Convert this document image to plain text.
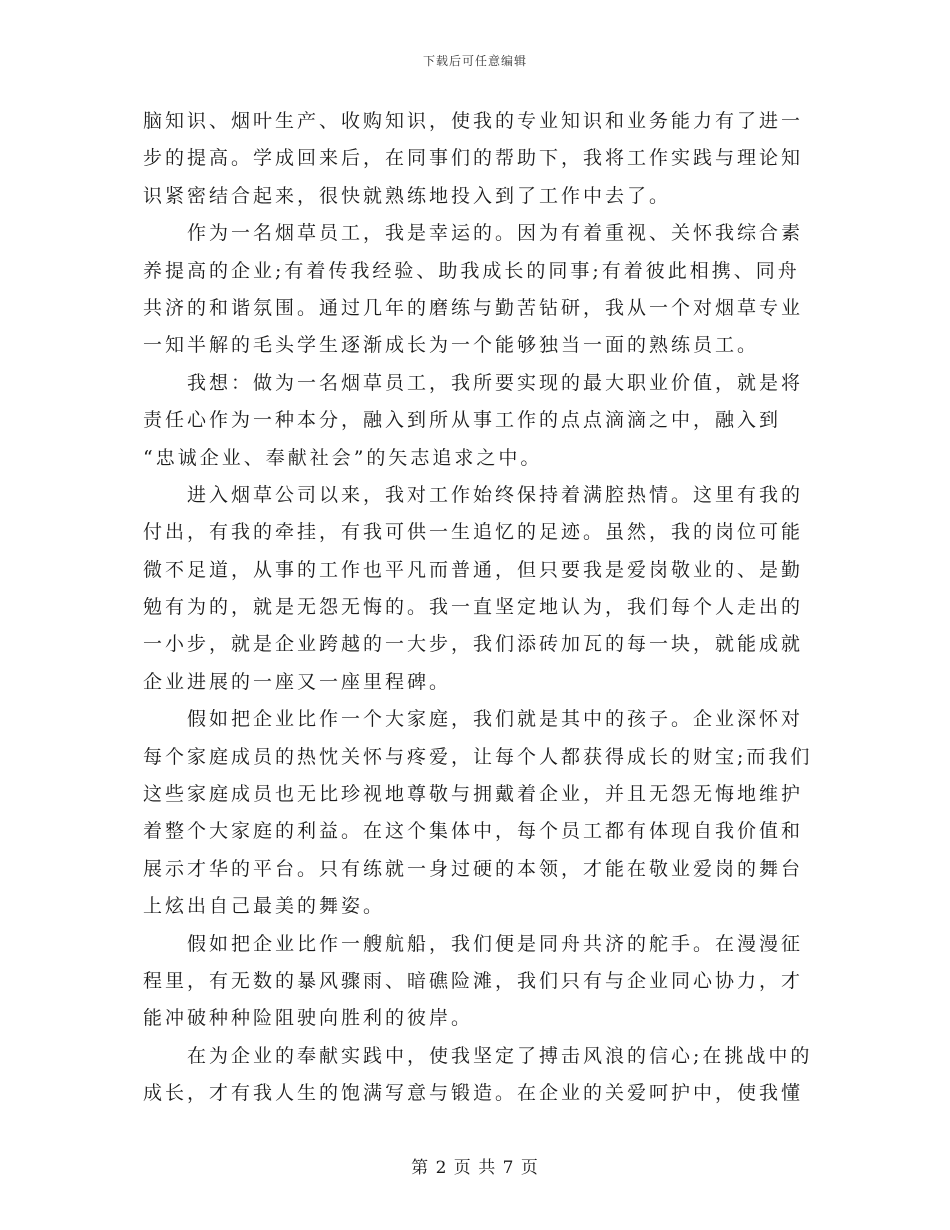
下载后可任意编辑
脑知识、烟叶生产、收购知识，使我的专业知识和业务能力有了进一
步的提高。学成回来后，在同事们的帮助下，我将工作实践与理论知
识紧密结合起来，很快就熟练地投入到了工作中去了。
作为一名烟草员工，我是幸运的。因为有着重视、关怀我综合素
养提高的企业;有着传我经验、助我成长的同事;有着彼此相携、同舟
共济的和谐氛围。通过几年的磨练与勤苦钻研，我从一个对烟草专业
一知半解的毛头学生逐渐成长为一个能够独当一面的熟练员工。
我想：做为一名烟草员工，我所要实现的最大职业价值，就是将
责任心作为一种本分，融入到所从事工作的点点滴滴之中，融入到
“忠诚企业、奉献社会”的矢志追求之中。
进入烟草公司以来，我对工作始终保持着满腔热情。这里有我的
付出，有我的牵挂，有我可供一生追忆的足迹。虽然，我的岗位可能
微不足道，从事的工作也平凡而普通，但只要我是爱岗敬业的、是勤
勉有为的，就是无怨无悔的。我一直坚定地认为，我们每个人走出的
一小步，就是企业跨越的一大步，我们添砖加瓦的每一块，就能成就
企业进展的一座又一座里程碑。
假如把企业比作一个大家庭，我们就是其中的孩子。企业深怀对
每个家庭成员的热忱关怀与疼爱，让每个人都获得成长的财宝;而我们
这些家庭成员也无比珍视地尊敬与拥戴着企业，并且无怨无悔地维护
着整个大家庭的利益。在这个集体中，每个员工都有体现自我价值和
展示才华的平台。只有练就一身过硬的本领，才能在敬业爱岗的舞台
上炫出自己最美的舞姿。
假如把企业比作一艘航船，我们便是同舟共济的舵手。在漫漫征
程里，有无数的暴风骤雨、暗礁险滩，我们只有与企业同心协力，才
能冲破种种险阻驶向胜利的彼岸。
在为企业的奉献实践中，使我坚定了搏击风浪的信心;在挑战中的
成长，才有我人生的饱满写意与锻造。在企业的关爱呵护中，使我懂
第 2 页 共 7 页
